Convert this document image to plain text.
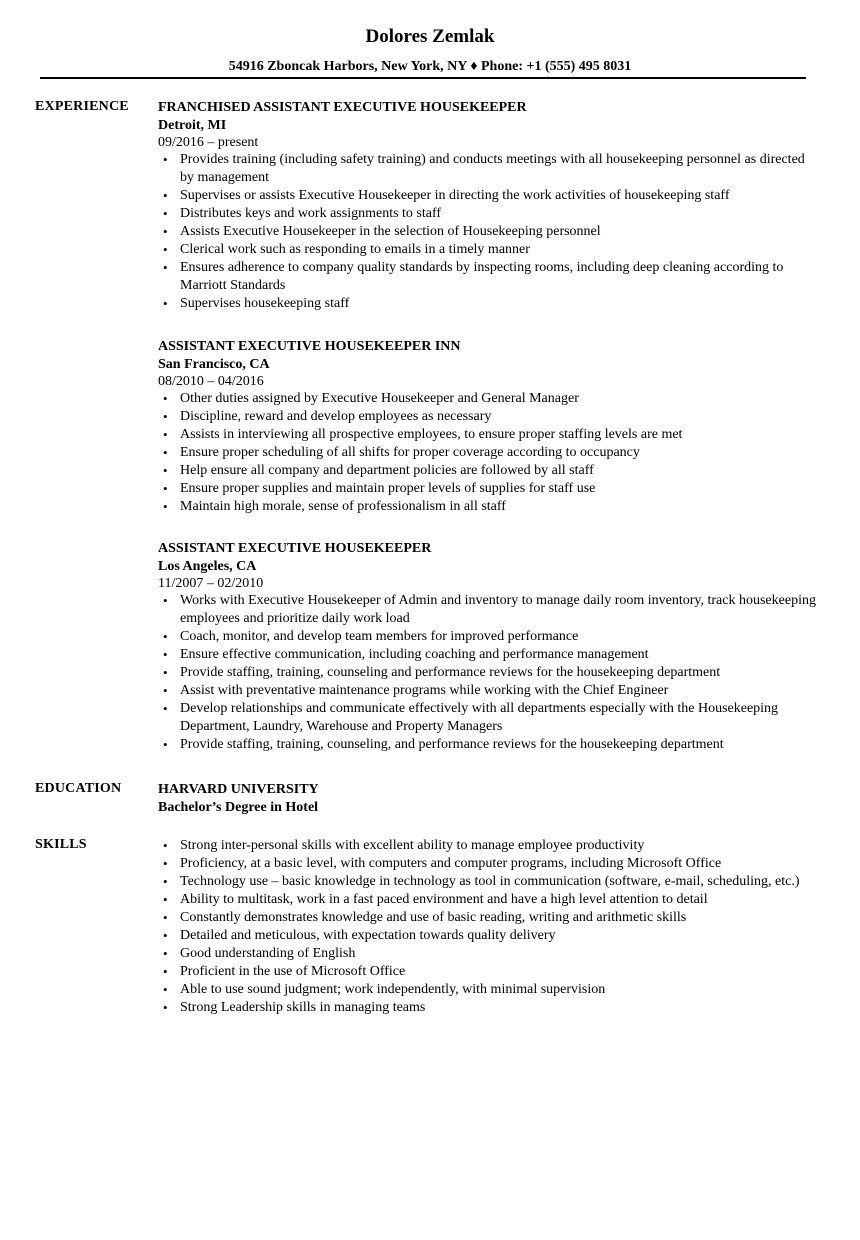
Dolores Zemlak
54916 Zboncak Harbors, New York, NY ♦ Phone: +1 (555) 495 8031
EXPERIENCE FRANCHISED ASSISTANT EXECUTIVE HOUSEKEEPER
Detroit, MI
09/2016 – present
• Provides training (including safety training) and conducts meetings with all housekeeping personnel as directed by management
• Supervises or assists Executive Housekeeper in directing the work activities of housekeeping staff
• Distributes keys and work assignments to staff
• Assists Executive Housekeeper in the selection of Housekeeping personnel
• Clerical work such as responding to emails in a timely manner
• Ensures adherence to company quality standards by inspecting rooms, including deep cleaning according to Marriott Standards
• Supervises housekeeping staff
ASSISTANT EXECUTIVE HOUSEKEEPER INN
San Francisco, CA
08/2010 – 04/2016
• Other duties assigned by Executive Housekeeper and General Manager
• Discipline, reward and develop employees as necessary
• Assists in interviewing all prospective employees, to ensure proper staffing levels are met
• Ensure proper scheduling of all shifts for proper coverage according to occupancy
• Help ensure all company and department policies are followed by all staff
• Ensure proper supplies and maintain proper levels of supplies for staff use
• Maintain high morale, sense of professionalism in all staff
ASSISTANT EXECUTIVE HOUSEKEEPER
Los Angeles, CA
11/2007 – 02/2010
• Works with Executive Housekeeper of Admin and inventory to manage daily room inventory, track housekeeping employees and prioritize daily work load
• Coach, monitor, and develop team members for improved performance
• Ensure effective communication, including coaching and performance management
• Provide staffing, training, counseling and performance reviews for the housekeeping department
• Assist with preventative maintenance programs while working with the Chief Engineer
• Develop relationships and communicate effectively with all departments especially with the Housekeeping Department, Laundry, Warehouse and Property Managers
• Provide staffing, training, counseling, and performance reviews for the housekeeping department
EDUCATION	HARVARD UNIVERSITY
Bachelor’s Degree in Hotel
SKILLS
•	Strong inter-personal skills with excellent ability to manage employee productivity
• Proficiency, at a basic level, with computers and computer programs, including Microsoft Office
• Technology use – basic knowledge in technology as tool in communication (software, e-mail, scheduling, etc.)
• Ability to multitask, work in a fast paced environment and have a high level attention to detail
• Constantly demonstrates knowledge and use of basic reading, writing and arithmetic skills
• Detailed and meticulous, with expectation towards quality delivery
• Good understanding of English
• Proficient in the use of Microsoft Office
• Able to use sound judgment; work independently, with minimal supervision
• Strong Leadership skills in managing teams
